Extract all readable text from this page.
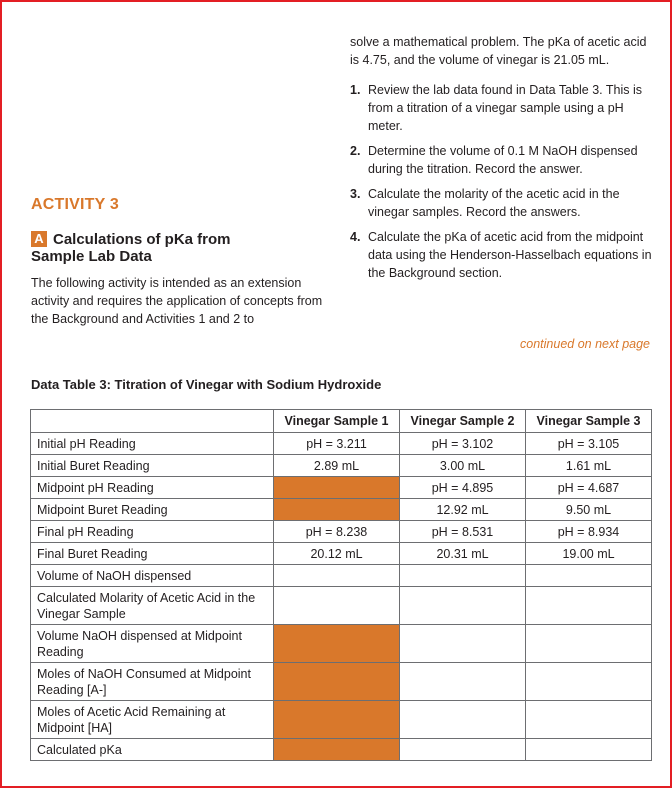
solve a mathematical problem. The pKa of acetic acid is 4.75, and the volume of vinegar is 21.05 mL.

1. Review the lab data found in Data Table 3. This is from a titration of a vinegar sample using a pH meter.
2. Determine the volume of 0.1 M NaOH dispensed during the titration. Record the answer.
3. Calculate the molarity of the acetic acid in the vinegar samples. Record the answers.
4. Calculate the pKa of acetic acid from the midpoint data using the Henderson-Hasselbach equations in the Background section.
ACTIVITY 3
A Calculations of pKa from
Sample Lab Data
The following activity is intended as an extension activity and requires the application of concepts from the Background and Activities 1 and 2 to
continued on next page
Data Table 3: Titration of Vinegar with Sodium Hydroxide
	Vinegar Sample 1	Vinegar Sample 2	Vinegar Sample 3
Initial pH Reading	pH = 3.211	pH = 3.102	pH = 3.105
Initial Buret Reading	2.89 mL	3.00 mL	1.61 mL
Midpoint pH Reading		pH = 4.895	pH = 4.687
Midpoint Buret Reading		12.92 mL	9.50 mL
Final pH Reading	pH = 8.238	pH = 8.531	pH = 8.934
Final Buret Reading	20.12 mL	20.31 mL	19.00 mL
Volume of NaOH dispensed			
Calculated Molarity of Acetic Acid in the Vinegar Sample			
Volume NaOH dispensed at Midpoint Reading			
Moles of NaOH Consumed at Midpoint Reading [A-]			
Moles of Acetic Acid Remaining at Midpoint [HA]			
Calculated pKa			
